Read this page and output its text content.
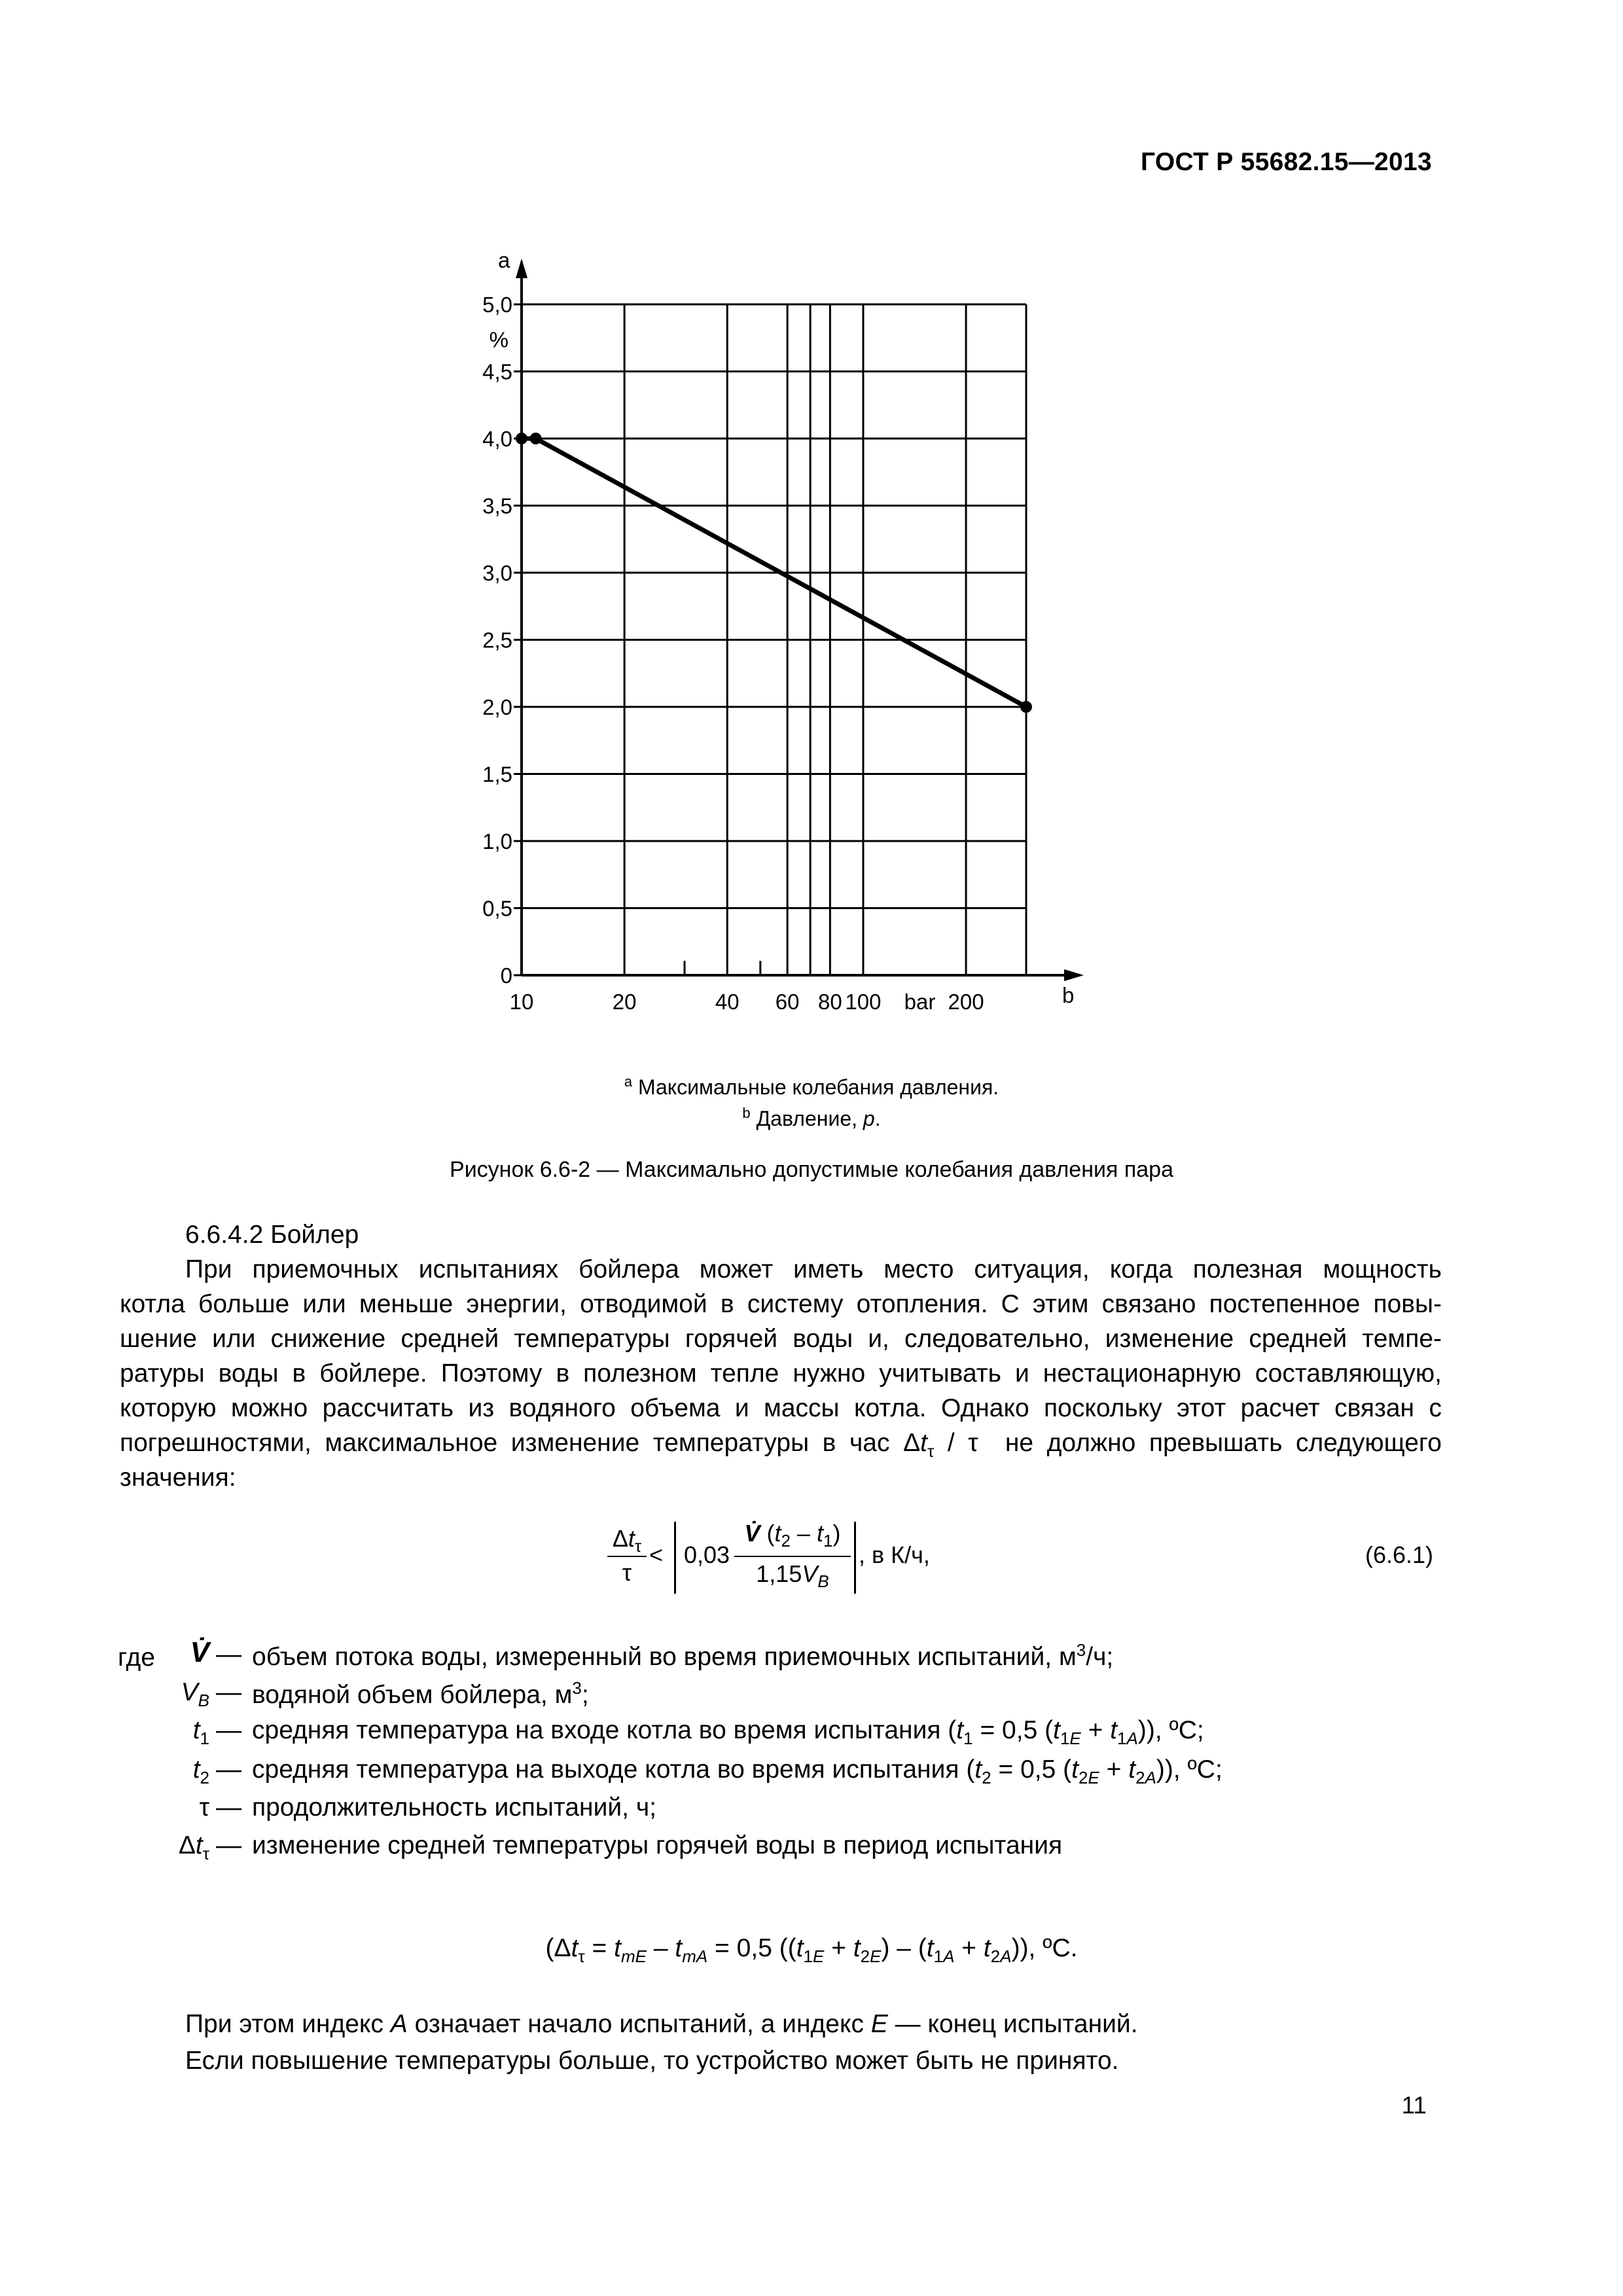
ГОСТ Р 55682.15—2013
0
0,5
1,0
1,5
2,0
2,5
3,0
3,5
4,0
4,5
5,0
%
a
b
10	20	40 60 80 100	200
bar
$^a$ Максимальные колебания давления.
$^b$ Давление, p.
Рисунок 6.6-2 — Максимально допустимые колебания давления пара
6.6.4.2 Бойлер
При приемочных испытаниях бойлера может иметь место ситуация, когда полезная мощность
котла больше или меньше энергии, отводимой в систему отопления. С этим связано постепенное повы-
шение или снижение средней температуры горячей воды и, следовательно, изменение средней темпе-
ратуры воды в бойлере. Поэтому в полезном тепле нужно учитывать и нестационарную составляющую,
которую можно рассчитать из водяного объема и массы котла. Однако поскольку этот расчет связан с
погрешностями, максимальное изменение температуры в час $\Delta t_\tau$ / τ  не должно превышать следующего
значения:
$\Delta t_\tau$
τ
< 0,03
V̇ $(t_2 - t_1)$
$1,15V_B$
, в К/ч,	(6.6.1)
где V̇ — объем потока воды, измеренный во время приемочных испытаний, $м^3/ч$;
$V_B$ — водяной объем бойлера, $м^3$;
$t_1$ — средняя температура на входе котла во время испытания ($t_1 = 0,5$ $(t_{1E} + t_{1A})$), ºC;
$t_2$ — средняя температура на выходе котла во время испытания ($t_2 = 0,5$ $(t_{2E} + t_{2A})$), ºC;
τ — продолжительность испытаний, ч;
$\Delta t_\tau$ — изменение средней температуры горячей воды в период испытания
($\Delta t_\tau = t_{mE} - t_{mA} = 0,5$ $((t_{1E} + t_{2E}) - (t_{1A} + t_{2A}))$, ºC.
При этом индекс A означает начало испытаний, а индекс E — конец испытаний.
Если повышение температуры больше, то устройство может быть не принято.
11
